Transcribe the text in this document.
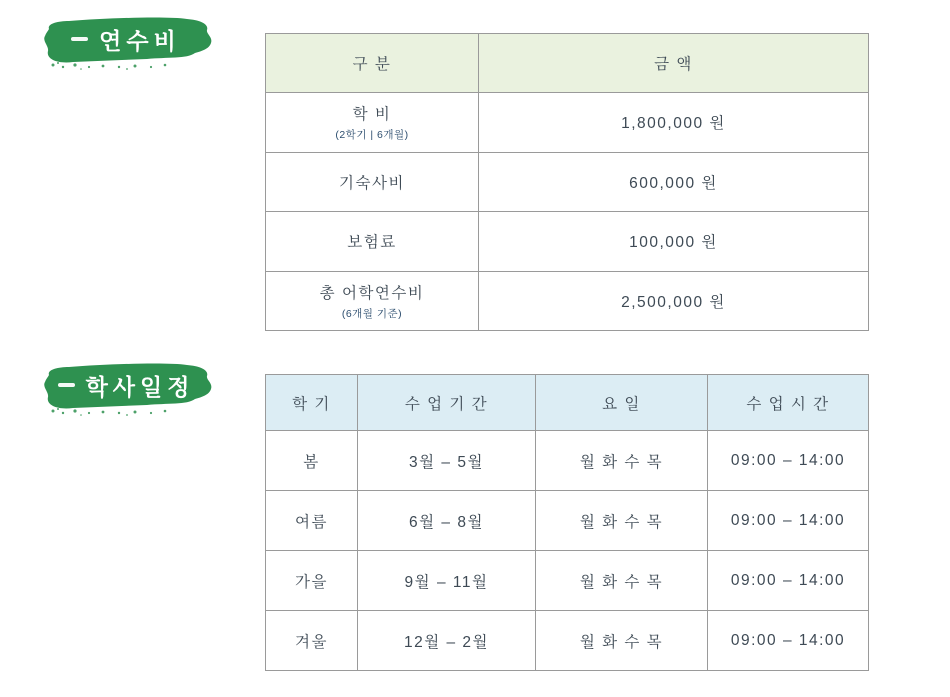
연수비
구 분	금 액

학 비
(2학기 | 6개월)	1,800,000 원

기숙사비	600,000 원

보험료	100,000 원

총 어학연수비
(6개월 기준)	2,500,000 원
학사일정
학 기	수 업 기 간	요 일	수 업 시 간
봄	3월 – 5월	월 화 수 목	09:00 – 14:00
여름	6월 – 8월	월 화 수 목	09:00 – 14:00
가을	9월 – 11월	월 화 수 목	09:00 – 14:00
겨울	12월 – 2월	월 화 수 목	09:00 – 14:00
